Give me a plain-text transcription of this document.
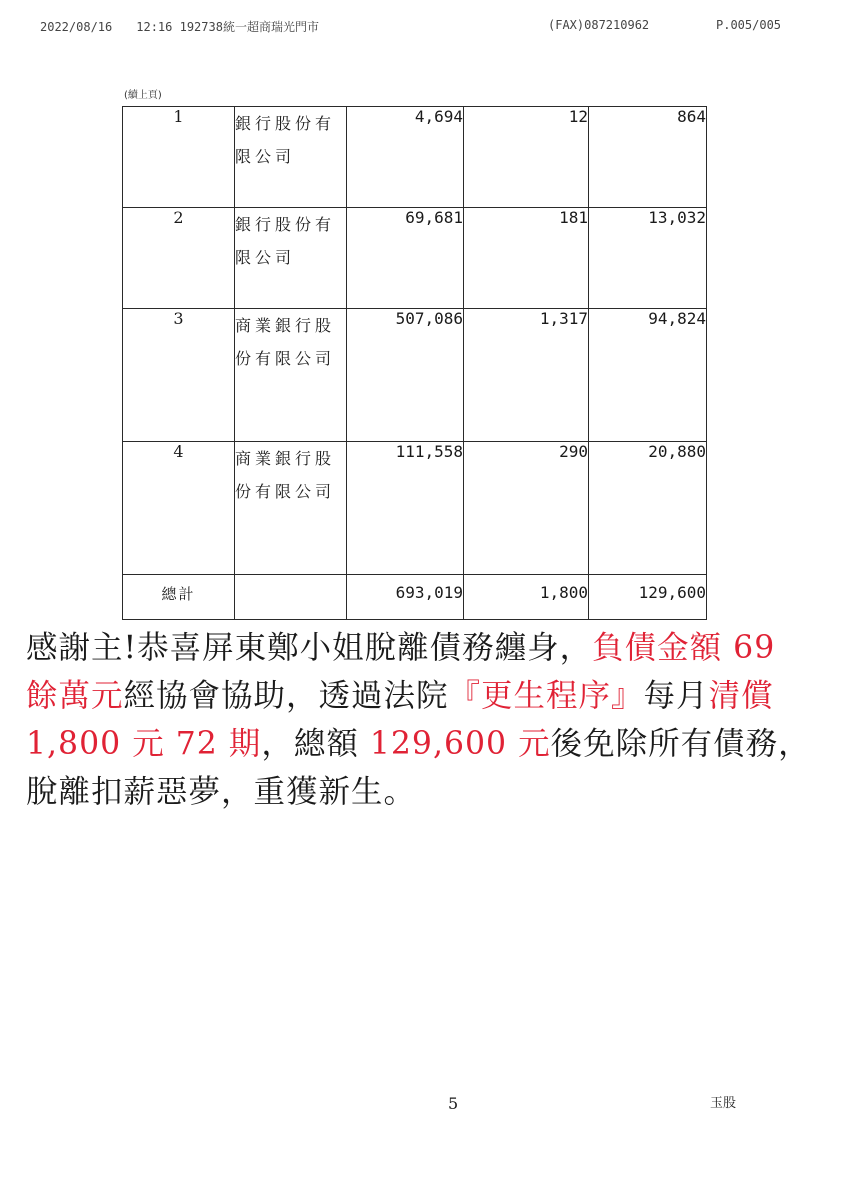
2022/08/16　　12:16 192738統一超商瑞光門市	(FAX)087210962	P.005/005
(續上頁)
1	銀行股份有限公司	4,694	12	864
2	銀行股份有限公司	69,681	181	13,032
3	商業銀行股份有限公司	507,086	1,317	94,824
4	商業銀行股份有限公司	111,558	290	20,880
總計		693,019	1,800	129,600
感謝主!恭喜屏東鄭小姐脫離債務纏身，負債金額 69 餘萬元經協會協助，透過法院『更生程序』每月清償 1,800 元 72 期，總額 129,600 元後免除所有債務，脫離扣薪惡夢，重獲新生。
5	玉股
